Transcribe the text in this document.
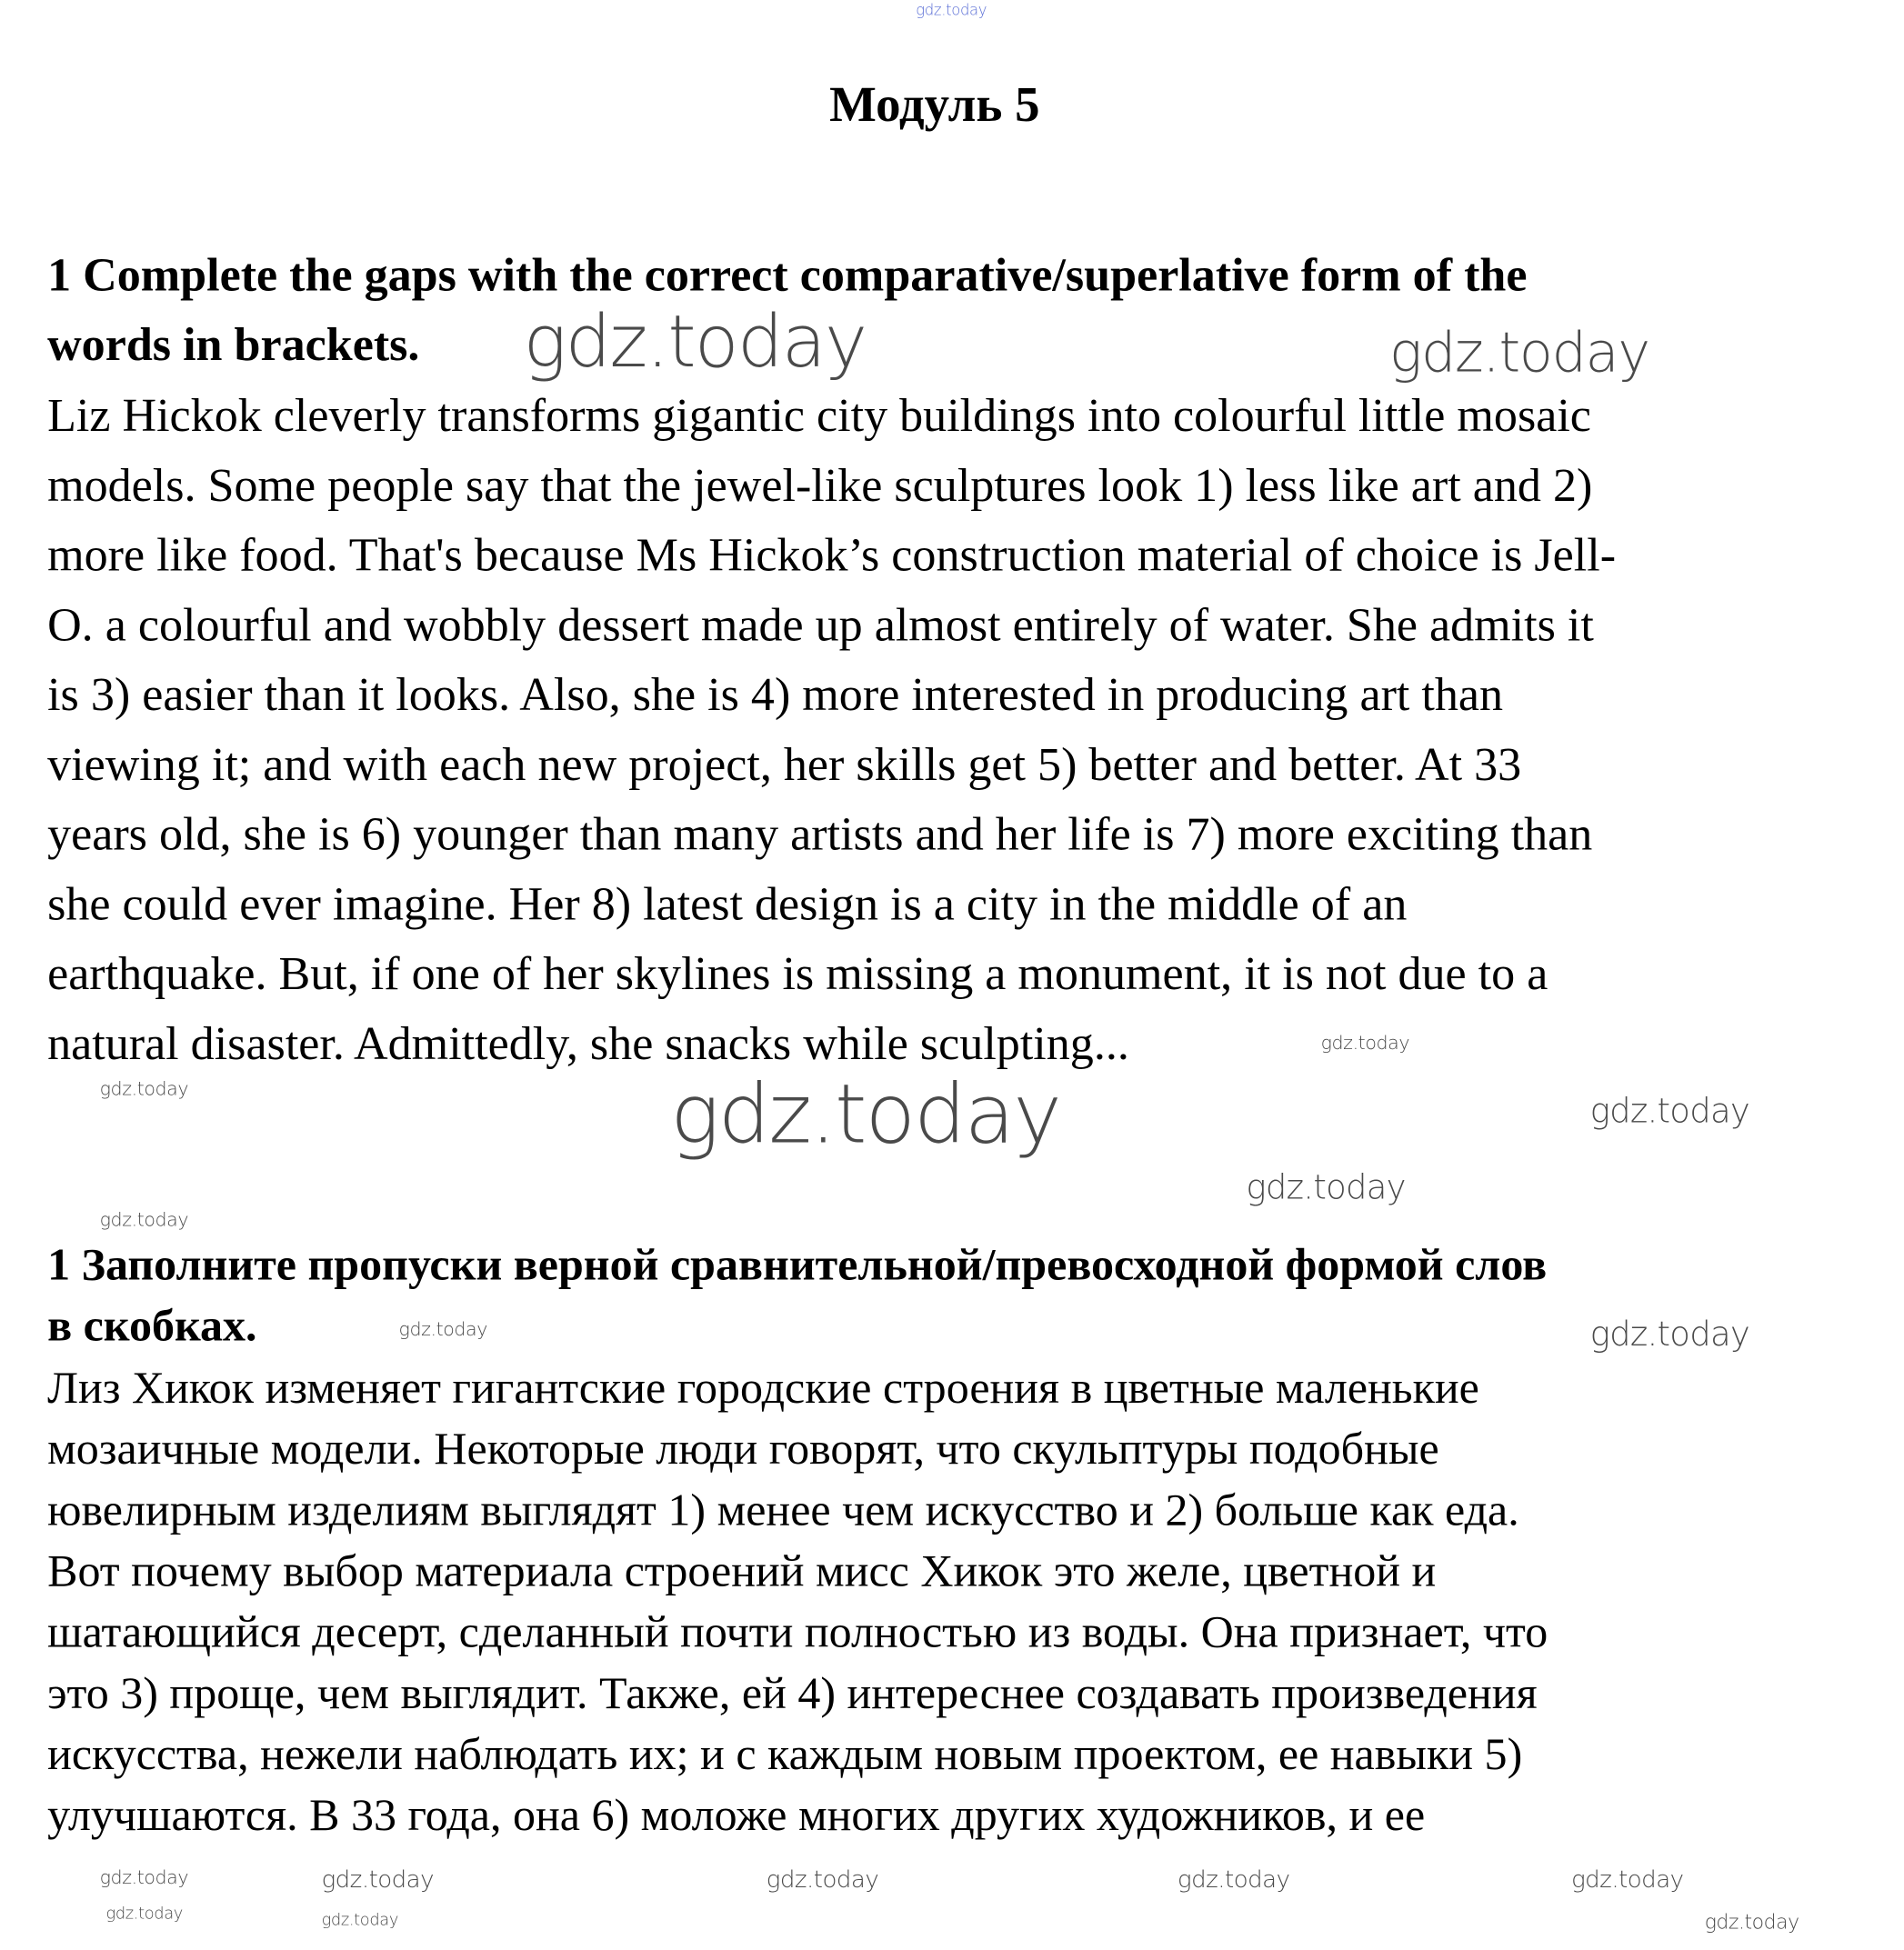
gdz.today
Модуль 5
1 Complete the gaps with the correct comparative/superlative form of the
words in brackets.
Liz Hickok cleverly transforms gigantic city buildings into colourful little mosaic
models. Some people say that the jewel-like sculptures look 1) less like art and 2)
more like food. That's because Ms Hickok’s construction material of choice is Jell-
O. a colourful and wobbly dessert made up almost entirely of water. She admits it
is 3) easier than it looks. Also, she is 4) more interested in producing art than
viewing it; and with each new project, her skills get 5) better and better. At 33
years old, she is 6) younger than many artists and her life is 7) more exciting than
she could ever imagine. Her 8) latest design is a city in the middle of an
earthquake. But, if one of her skylines is missing a monument, it is not due to a
natural disaster. Admittedly, she snacks while sculpting...
1 Заполните пропуски верной сравнительной/превосходной формой слов
в скобках.
Лиз Хикок изменяет гигантские городские строения в цветные маленькие
мозаичные модели. Некоторые люди говорят, что скульптуры подобные
ювелирным изделиям выглядят 1) менее чем искусство и 2) больше как еда.
Вот почему выбор материала строений мисс Хикок это желе, цветной и
шатающийся десерт, сделанный почти полностью из воды. Она признает, что
это 3) проще, чем выглядит. Также, ей 4) интереснее создавать произведения
искусства, нежели наблюдать их; и с каждым новым проектом, ее навыки 5)
улучшаются. В 33 года, она 6) моложе многих других художников, и ее
gdz.today	gdz.today
gdz.today
gdz.today
gdz.today	gdz.today	gdz.today
gdz.today
gdz.today
gdz.today
gdz.today
gdz.today
gdz.today	gdz.today	gdz.today	gdz.today
gdz.today	gdz.today
